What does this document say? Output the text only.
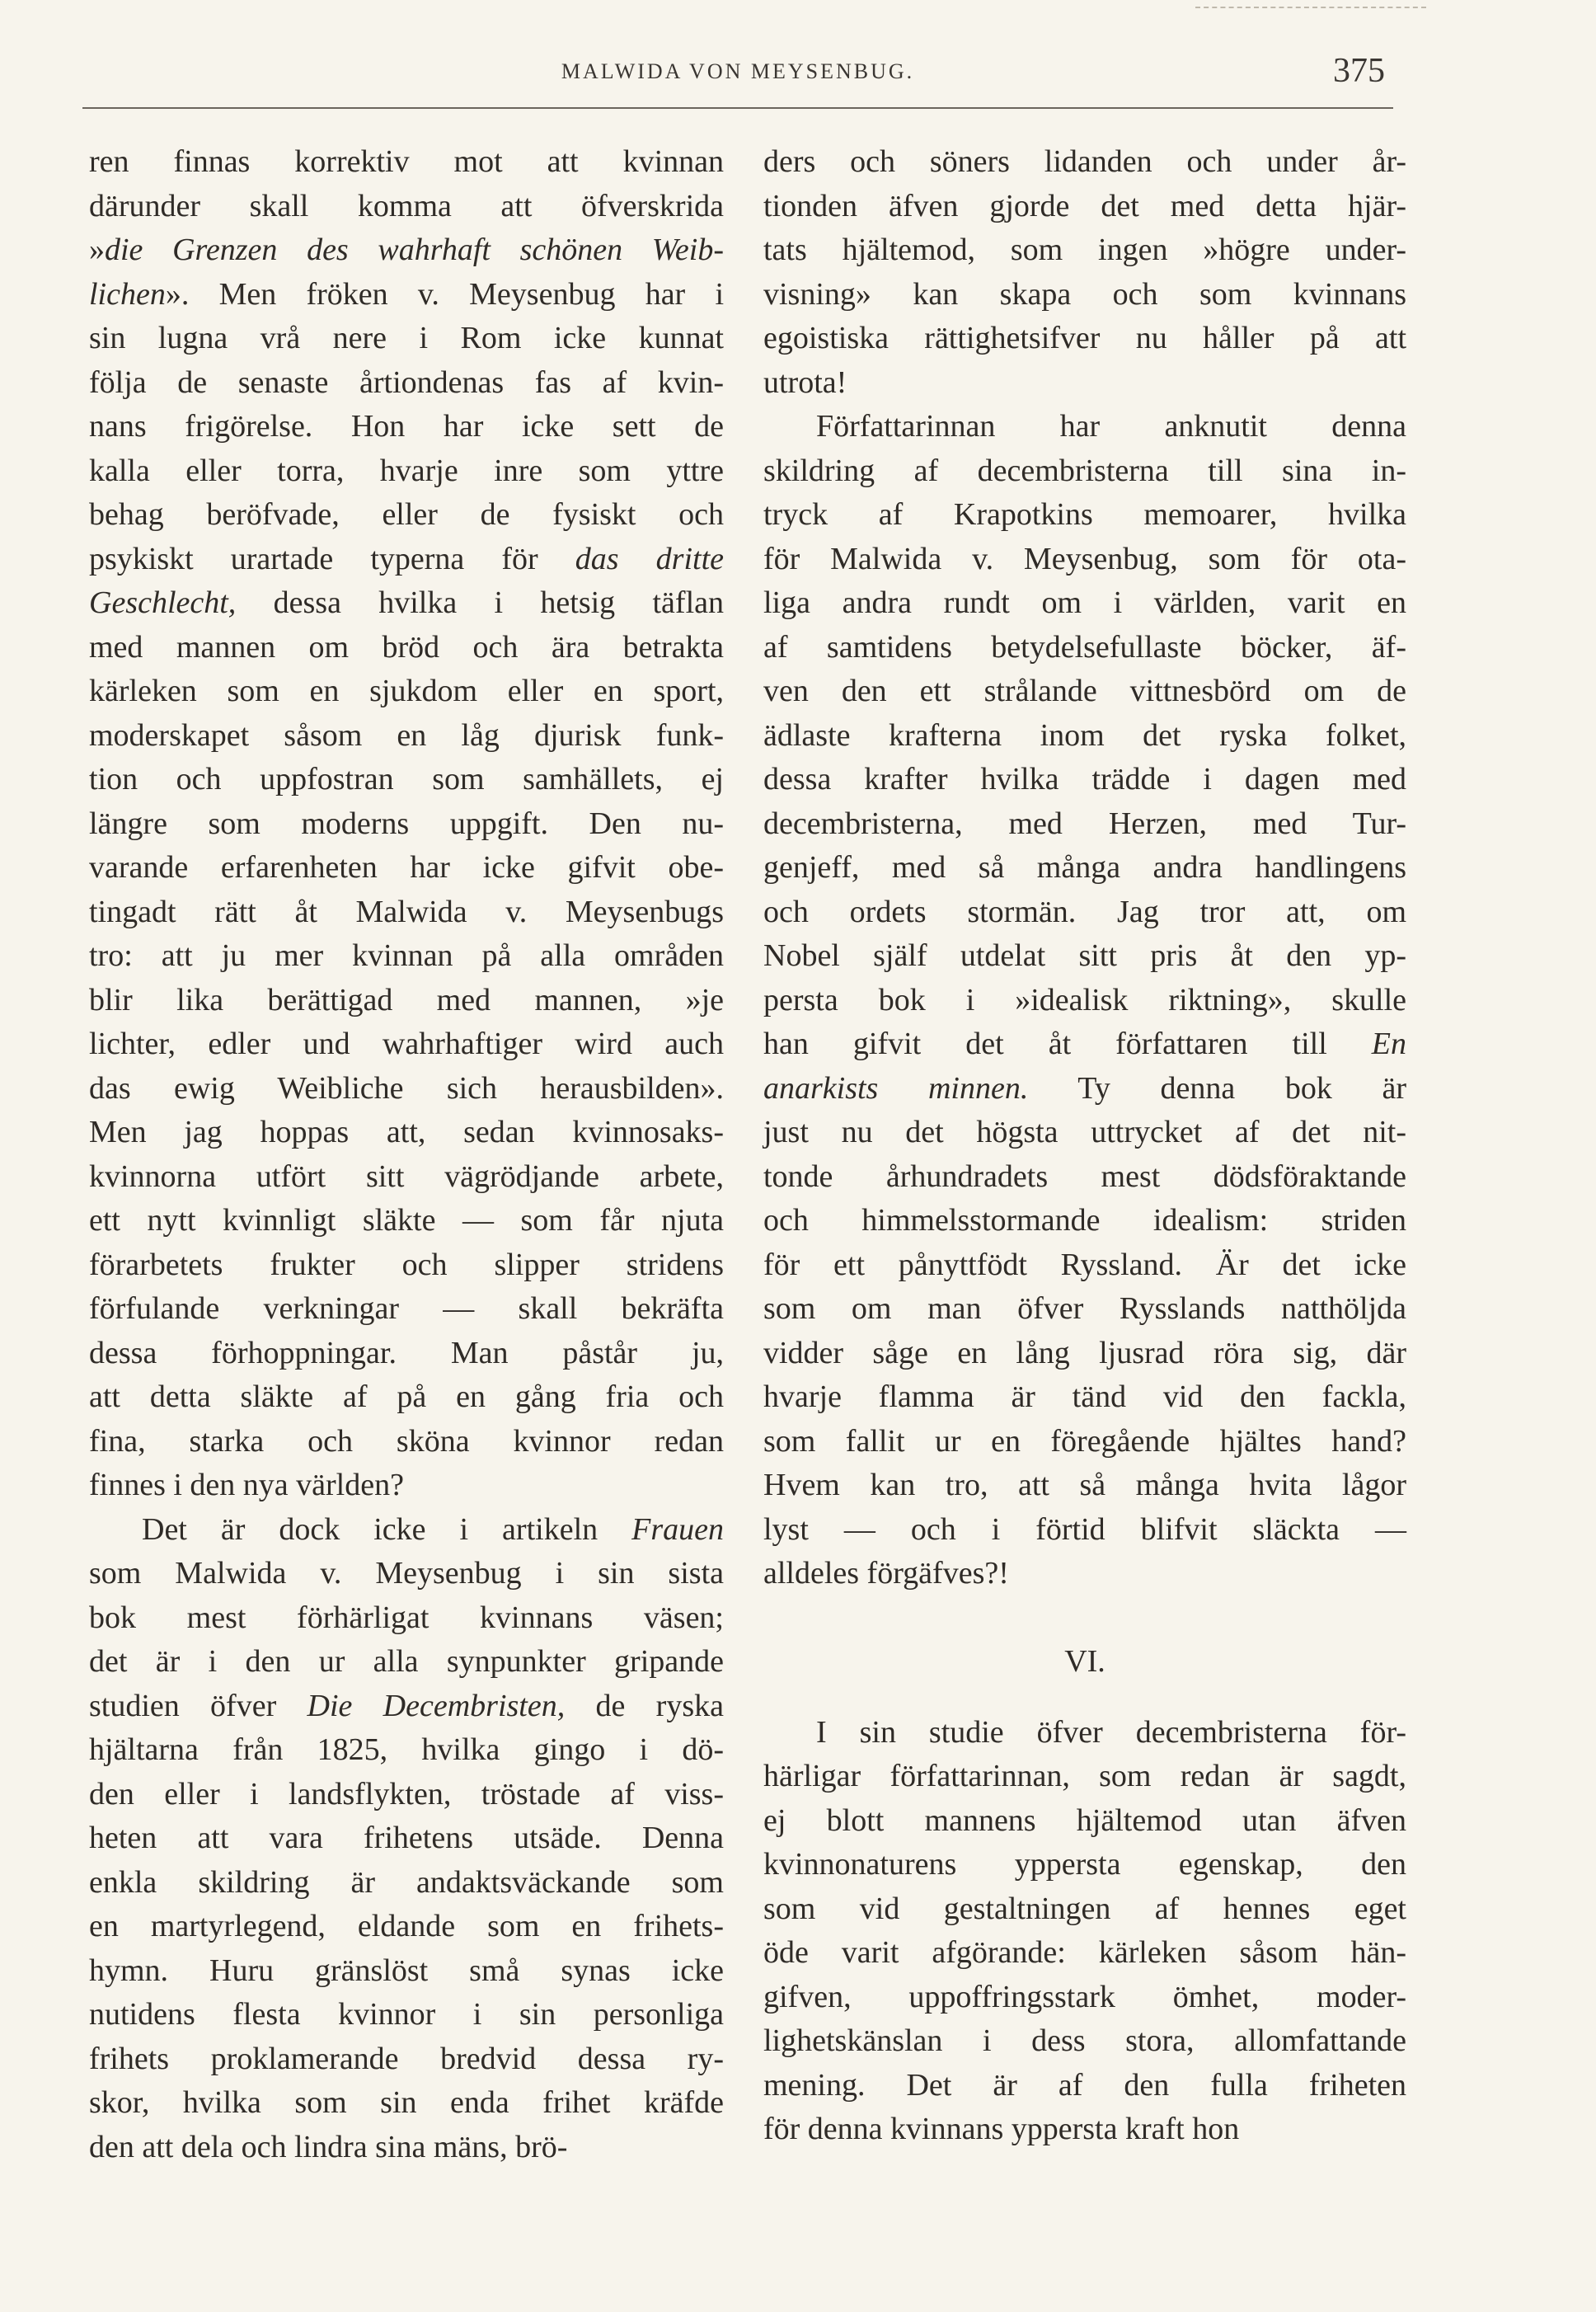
MALWIDA VON MEYSENBUG.	375
ren finnas korrektiv mot att kvinnan
därunder skall komma att öfverskrida
»die Grenzen des wahrhaft schönen Weib-
lichen». Men fröken v. Meysenbug har i
sin lugna vrå nere i Rom icke kunnat
följa de senaste årtiondenas fas af kvin-
nans frigörelse. Hon har icke sett de
kalla eller torra, hvarje inre som yttre
behag beröfvade, eller de fysiskt och
psykiskt urartade typerna för das dritte
Geschlecht, dessa hvilka i hetsig täflan
med mannen om bröd och ära betrakta
kärleken som en sjukdom eller en sport,
moderskapet såsom en låg djurisk funk-
tion och uppfostran som samhällets, ej
längre som moderns uppgift. Den nu-
varande erfarenheten har icke gifvit obe-
tingadt rätt åt Malwida v. Meysenbugs
tro: att ju mer kvinnan på alla områden
blir lika berättigad med mannen, »je
lichter, edler und wahrhaftiger wird auch
das ewig Weibliche sich herausbilden».
Men jag hoppas att, sedan kvinnosaks-
kvinnorna utfört sitt vägrödjande arbete,
ett nytt kvinnligt släkte — som får njuta
förarbetets frukter och slipper stridens
förfulande verkningar — skall bekräfta
dessa förhoppningar. Man påstår ju,
att detta släkte af på en gång fria och
fina, starka och sköna kvinnor redan
finnes i den nya världen?
Det är dock icke i artikeln Frauen
som Malwida v. Meysenbug i sin sista
bok mest förhärligat kvinnans väsen;
det är i den ur alla synpunkter gripande
studien öfver Die Decembristen, de ryska
hjältarna från 1825, hvilka gingo i dö-
den eller i landsflykten, tröstade af viss-
heten att vara frihetens utsäde. Denna
enkla skildring är andaktsväckande som
en martyrlegend, eldande som en frihets-
hymn. Huru gränslöst små synas icke
nutidens flesta kvinnor i sin personliga
frihets proklamerande bredvid dessa ry-
skor, hvilka som sin enda frihet kräfde
den att dela och lindra sina mäns, brö-
ders och söners lidanden och under år-
tionden äfven gjorde det med detta hjär-
tats hjältemod, som ingen »högre under-
visning» kan skapa och som kvinnans
egoistiska rättighetsifver nu håller på att
utrota!
Författarinnan har anknutit denna
skildring af decembristerna till sina in-
tryck af Krapotkins memoarer, hvilka
för Malwida v. Meysenbug, som för ota-
liga andra rundt om i världen, varit en
af samtidens betydelsefullaste böcker, äf-
ven den ett strålande vittnesbörd om de
ädlaste krafterna inom det ryska folket,
dessa krafter hvilka trädde i dagen med
decembristerna, med Herzen, med Tur-
genjeff, med så många andra handlingens
och ordets stormän. Jag tror att, om
Nobel själf utdelat sitt pris åt den yp-
persta bok i »idealisk riktning», skulle
han gifvit det åt författaren till En
anarkists minnen. Ty denna bok är
just nu det högsta uttrycket af det nit-
tonde århundradets mest dödsföraktande
och himmelsstormande idealism: striden
för ett pånyttfödt Ryssland. Är det icke
som om man öfver Rysslands natthöljda
vidder såge en lång ljusrad röra sig, där
hvarje flamma är tänd vid den fackla,
som fallit ur en föregående hjältes hand?
Hvem kan tro, att så många hvita lågor
lyst — och i förtid blifvit släckta —
alldeles förgäfves?!
VI.
I sin studie öfver decembristerna för-
härligar författarinnan, som redan är sagdt,
ej blott mannens hjältemod utan äfven
kvinnonaturens yppersta egenskap, den
som vid gestaltningen af hennes eget
öde varit afgörande: kärleken såsom hän-
gifven, uppoffringsstark ömhet, moder-
lighetskänslan i dess stora, allomfattande
mening. Det är af den fulla friheten
för denna kvinnans yppersta kraft hon
